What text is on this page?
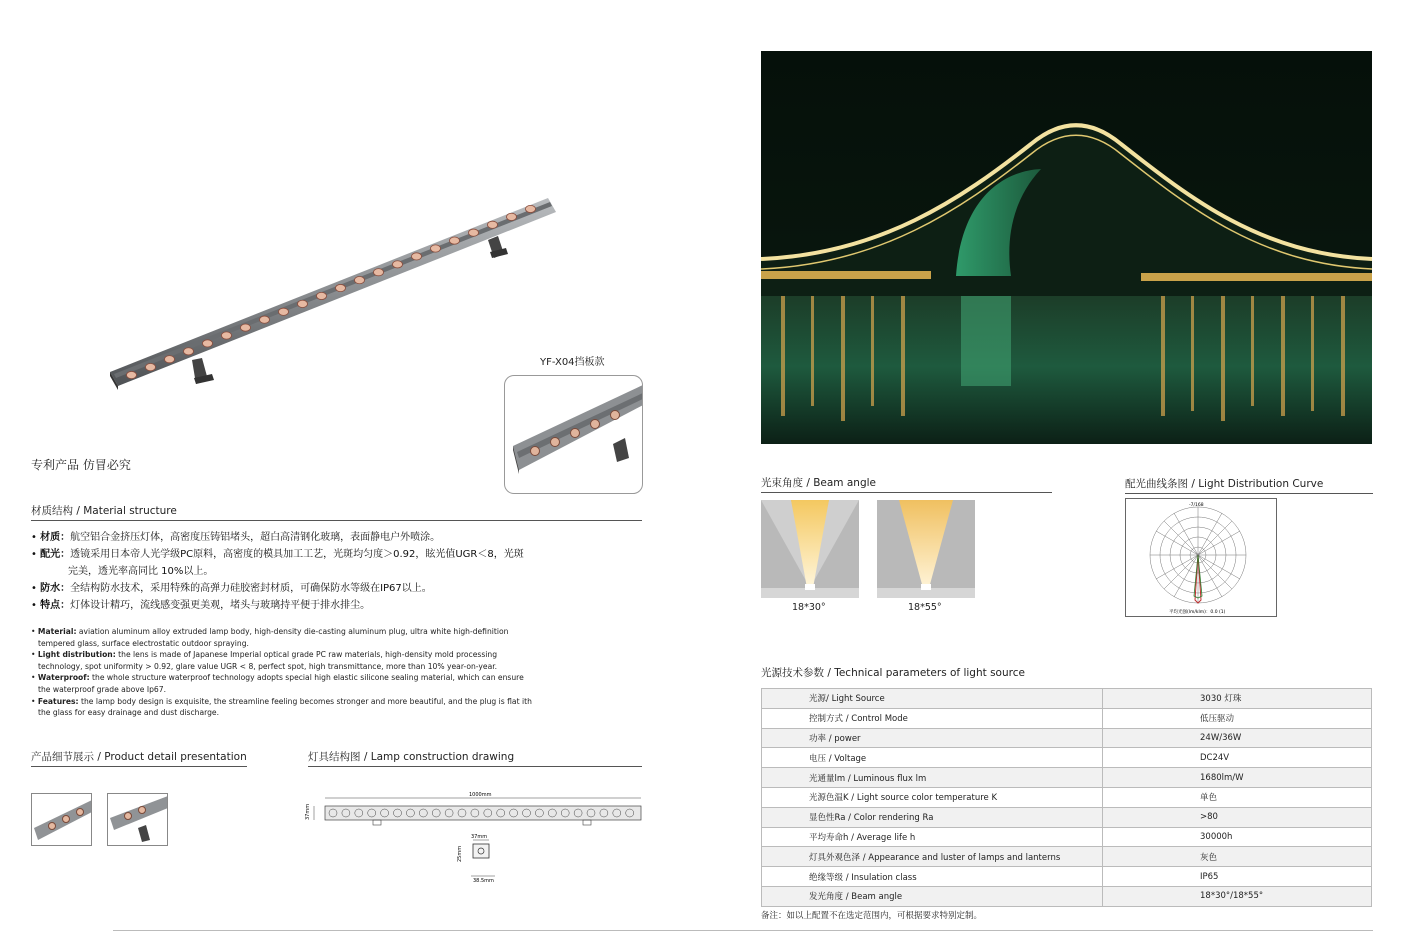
YF-X04挡板款
专利产品 仿冒必究
材质结构 / Material structure
• 材质：航空铝合金挤压灯体，高密度压铸铝堵头，超白高清钢化玻璃，表面静电户外喷涂。
• 配光：透镜采用日本帝人光学级PC原料，高密度的模具加工工艺，光斑均匀度＞0.92，眩光值UGR＜8，光斑
完美，透光率高同比 10%以上。
• 防水：全结构防水技术，采用特殊的高弹力硅胶密封材质，可确保防水等级在IP67以上。
• 特点：灯体设计精巧，流线感变强更美观，堵头与玻璃持平便于排水排尘。
• Material: aviation aluminum alloy extruded lamp body, high-density die-casting aluminum plug, ultra white high-definition
tempered glass, surface electrostatic outdoor spraying.
• Light distribution: the lens is made of Japanese Imperial optical grade PC raw materials, high-density mold processing
technology, spot uniformity > 0.92, glare value UGR < 8, perfect spot, high transmittance, more than 10% year-on-year.
• Waterproof: the whole structure waterproof technology adopts special high elastic silicone sealing material, which can ensure
the waterproof grade above Ip67.
• Features: the lamp body design is exquisite, the streamline feeling becomes stronger and more beautiful, and the plug is flat ith
the glass for easy drainage and dust discharge.
产品细节展示 / Product detail presentation	灯具结构图 / Lamp construction drawing
1000mm
37mm
37mm
25mm
38.5mm
光束角度 / Beam angle	配光曲线条图 / Light Distribution Curve
18*30°	18*55°
-7/168
平均光强(lm/klm)：0.0 (1)
光源技术参数 / Technical parameters of light source
光源/ Light Source	3030 灯珠
控制方式 / Control Mode	低压驱动
功率 / power	24W/36W
电压 / Voltage	DC24V
光通量lm / Luminous flux lm	1680lm/W
光源色温K / Light source color temperature K	单色
显色性Ra / Color rendering Ra	>80
平均寿命h / Average life h	30000h
灯具外观色泽 / Appearance and luster of lamps and lanterns	灰色
绝缘等级 / Insulation class	IP65
发光角度 / Beam angle	18*30°/18*55°
备注：如以上配置不在选定范围内，可根据要求特别定制。
